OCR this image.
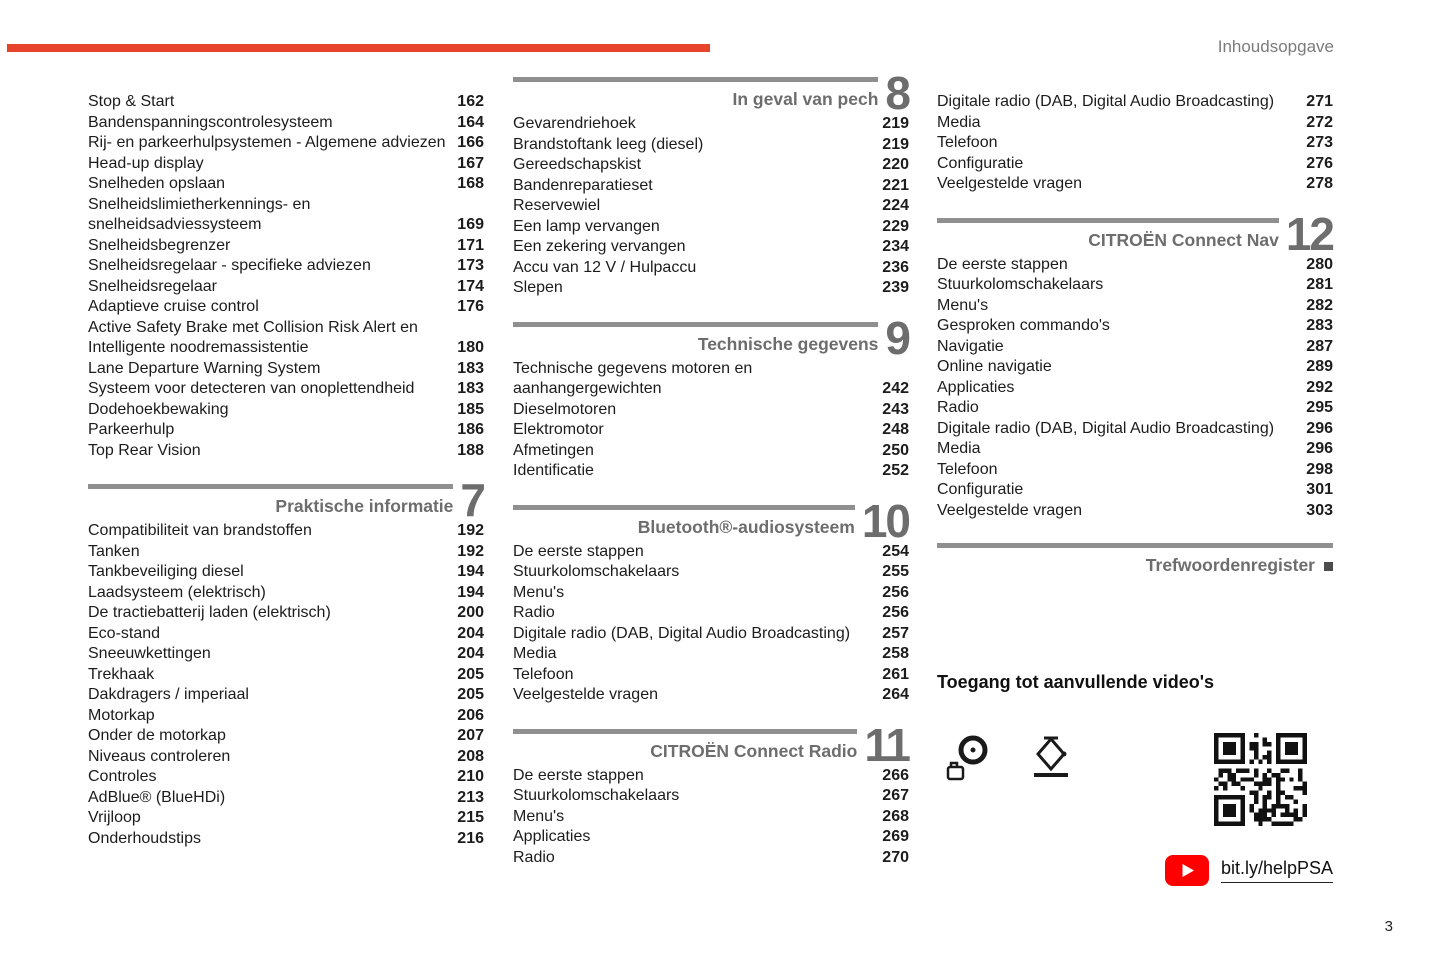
Inhoudsopgave
Stop & Start	162
Bandenspanningscontrolesysteem	164
Rij- en parkeerhulpsystemen - Algemene adviezen 166
Head-up display	167
Snelheden opslaan	168
Snelheidslimietherkennings- en snelheidsadviessysteem	169
Snelheidsbegrenzer	171
Snelheidsregelaar - specifieke adviezen	173
Snelheidsregelaar	174
Adaptieve cruise control	176
Active Safety Brake met Collision Risk Alert en Intelligente noodremassistentie	180
Lane Departure Warning System	183
Systeem voor detecteren van onoplettendheid	183
Dodehoekbewaking	185
Parkeerhulp	186
Top Rear Vision	188
Praktische informatie 7
Compatibiliteit van brandstoffen	192
Tanken	192
Tankbeveiliging diesel	194
Laadsysteem (elektrisch)	194
De tractiebatterij laden (elektrisch)	200
Eco-stand	204
Sneeuwkettingen	204
Trekhaak	205
Dakdragers / imperiaal	205
Motorkap	206
Onder de motorkap	207
Niveaus controleren	208
Controles	210
AdBlue® (BlueHDi)	213
Vrijloop	215
Onderhoudstips	216
In geval van pech 8
Gevarendriehoek	219
Brandstoftank leeg (diesel)	219
Gereedschapskist	220
Bandenreparatieset	221
Reservewiel	224
Een lamp vervangen	229
Een zekering vervangen	234
Accu van 12 V / Hulpaccu	236
Slepen	239
Technische gegevens 9
Technische gegevens motoren en aanhangergewichten	242
Dieselmotoren	243
Elektromotor	248
Afmetingen	250
Identificatie	252
Bluetooth®-audiosysteem 10
De eerste stappen	254
Stuurkolomschakelaars	255
Menu's	256
Radio	256
Digitale radio (DAB, Digital Audio Broadcasting)	257
Media	258
Telefoon	261
Veelgestelde vragen	264
CITROËN Connect Radio 11
De eerste stappen	266
Stuurkolomschakelaars	267
Menu's	268
Applicaties	269
Radio	270
Digitale radio (DAB, Digital Audio Broadcasting)	271
Media	272
Telefoon	273
Configuratie	276
Veelgestelde vragen	278
CITROËN Connect Nav 12
De eerste stappen	280
Stuurkolomschakelaars	281
Menu's	282
Gesproken commando's	283
Navigatie	287
Online navigatie	289
Applicaties	292
Radio	295
Digitale radio (DAB, Digital Audio Broadcasting)	296
Media	296
Telefoon	298
Configuratie	301
Veelgestelde vragen	303
Trefwoordenregister
Toegang tot aanvullende video's
bit.ly/helpPSA
3
